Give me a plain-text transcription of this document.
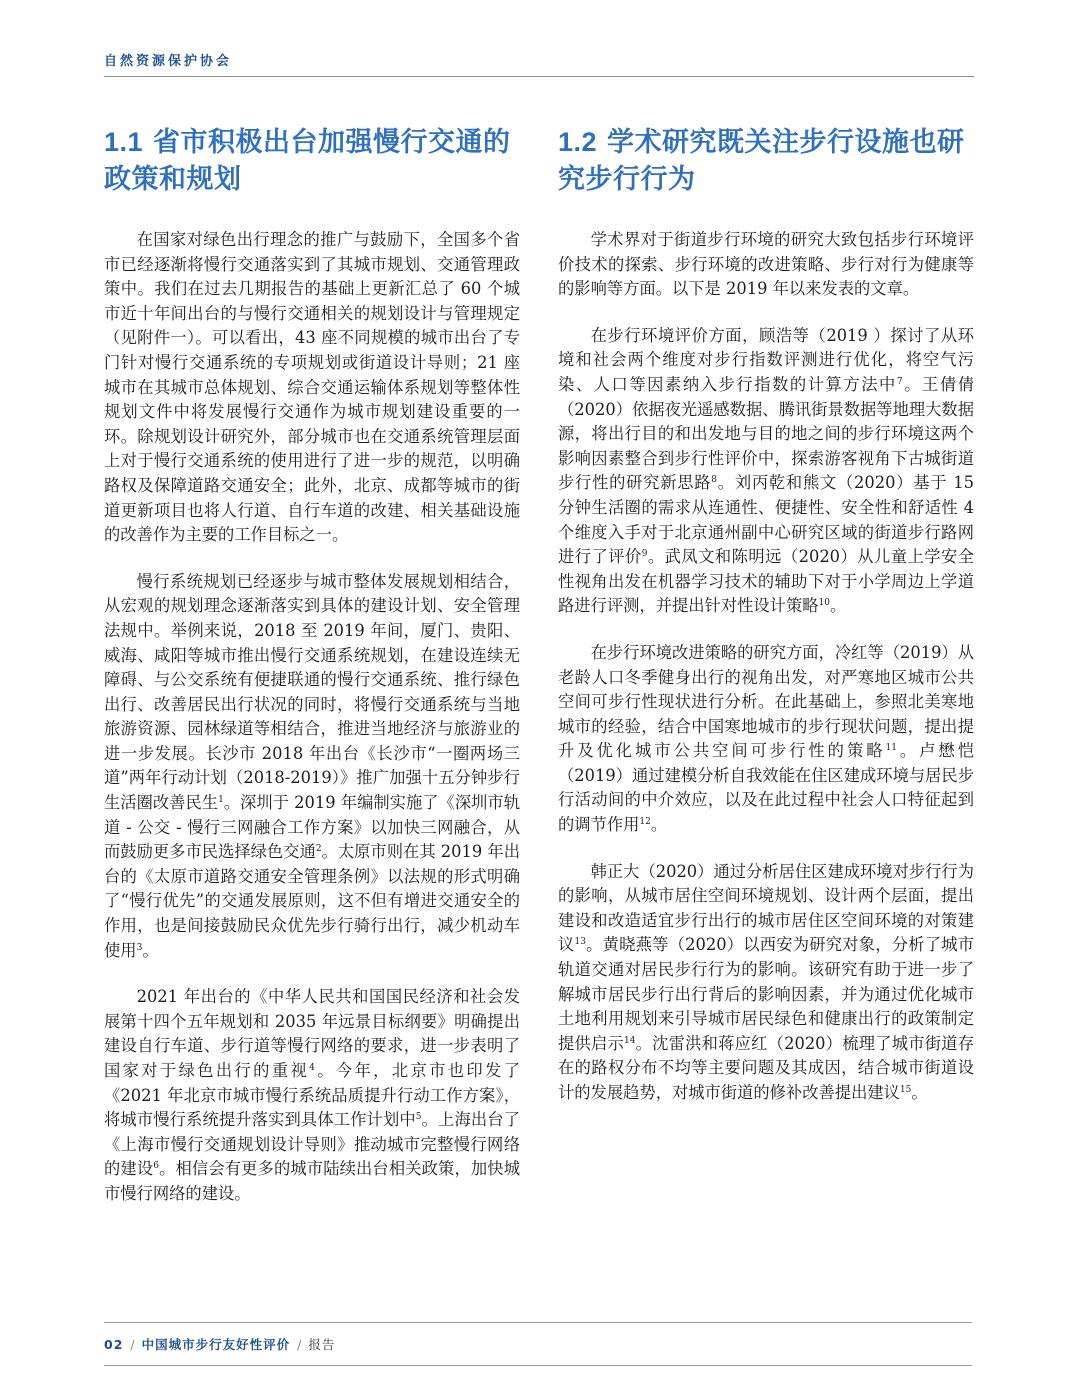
自然资源保护协会
1.1 省市积极出台加强慢行交通的政策和规划

在国家对绿色出行理念的推广与鼓励下，全国多个省市已经逐渐将慢行交通落实到了其城市规划、交通管理政策中。我们在过去几期报告的基础上更新汇总了 60 个城市近十年间出台的与慢行交通相关的规划设计与管理规定（见附件一）。可以看出，43 座不同规模的城市出台了专门针对慢行交通系统的专项规划或街道设计导则；21 座城市在其城市总体规划、综合交通运输体系规划等整体性规划文件中将发展慢行交通作为城市规划建设重要的一环。除规划设计研究外，部分城市也在交通系统管理层面上对于慢行交通系统的使用进行了进一步的规范，以明确路权及保障道路交通安全；此外，北京、成都等城市的街道更新项目也将人行道、自行车道的改建、相关基础设施的改善作为主要的工作目标之一。

慢行系统规划已经逐步与城市整体发展规划相结合，从宏观的规划理念逐渐落实到具体的建设计划、安全管理法规中。举例来说，2018 至 2019 年间，厦门、贵阳、威海、咸阳等城市推出慢行交通系统规划，在建设连续无障碍、与公交系统有便捷联通的慢行交通系统、推行绿色出行、改善居民出行状况的同时，将慢行交通系统与当地旅游资源、园林绿道等相结合，推进当地经济与旅游业的进一步发展。长沙市 2018 年出台《长沙市“一圈两场三道”两年行动计划（2018-2019）》推广加强十五分钟步行生活圈改善民生$^1$。深圳于 2019 年编制实施了《深圳市轨道 - 公交 - 慢行三网融合工作方案》以加快三网融合，从而鼓励更多市民选择绿色交通$^2$。太原市则在其 2019 年出台的《太原市道路交通安全管理条例》以法规的形式明确了“慢行优先”的交通发展原则，这不但有增进交通安全的作用，也是间接鼓励民众优先步行骑行出行，减少机动车使用$^3$。

2021 年出台的《中华人民共和国国民经济和社会发展第十四个五年规划和 2035 年远景目标纲要》明确提出建设自行车道、步行道等慢行网络的要求，进一步表明了国家对于绿色出行的重视$^4$。今年，北京市也印发了《2021 年北京市城市慢行系统品质提升行动工作方案》，将城市慢行系统提升落实到具体工作计划中$^5$。上海出台了《上海市慢行交通规划设计导则》推动城市完整慢行网络的建设$^6$。相信会有更多的城市陆续出台相关政策，加快城市慢行网络的建设。

1.2 学术研究既关注步行设施也研究步行行为

学术界对于街道步行环境的研究大致包括步行环境评价技术的探索、步行环境的改进策略、步行对行为健康等的影响等方面。以下是 2019 年以来发表的文章。

在步行环境评价方面，顾浩等（2019 ）探讨了从环境和社会两个维度对步行指数评测进行优化，将空气污染、人口等因素纳入步行指数的计算方法中$^7$。王倩倩（2020）依据夜光遥感数据、腾讯街景数据等地理大数据源，将出行目的和出发地与目的地之间的步行环境这两个影响因素整合到步行性评价中，探索游客视角下古城街道步行性的研究新思路$^8$。刘丙乾和熊文（2020）基于 15 分钟生活圈的需求从连通性、便捷性、安全性和舒适性 4 个维度入手对于北京通州副中心研究区域的街道步行路网进行了评价$^9$。武凤文和陈明远（2020）从儿童上学安全性视角出发在机器学习技术的辅助下对于小学周边上学道路进行评测，并提出针对性设计策略$^{10}$。

在步行环境改进策略的研究方面，冷红等（2019）从老龄人口冬季健身出行的视角出发，对严寒地区城市公共空间可步行性现状进行分析。在此基础上，参照北美寒地城市的经验，结合中国寒地城市的步行现状问题，提出提升及优化城市公共空间可步行性的策略$^{11}$。卢懋恺（2019）通过建模分析自我效能在住区建成环境与居民步行活动间的中介效应，以及在此过程中社会人口特征起到的调节作用$^{12}$。

韩正大（2020）通过分析居住区建成环境对步行行为的影响，从城市居住空间环境规划、设计两个层面，提出建设和改造适宜步行出行的城市居住区空间环境的对策建议$^{13}$。黄晓燕等（2020）以西安为研究对象，分析了城市轨道交通对居民步行行为的影响。该研究有助于进一步了解城市居民步行出行背后的影响因素，并为通过优化城市土地利用规划来引导城市居民绿色和健康出行的政策制定提供启示$^{14}$。沈雷洪和蒋应红（2020）梳理了城市街道存在的路权分布不均等主要问题及其成因，结合城市街道设计的发展趋势，对城市街道的修补改善提出建议$^{15}$。

02 / 中国城市步行友好性评价 / 报告
